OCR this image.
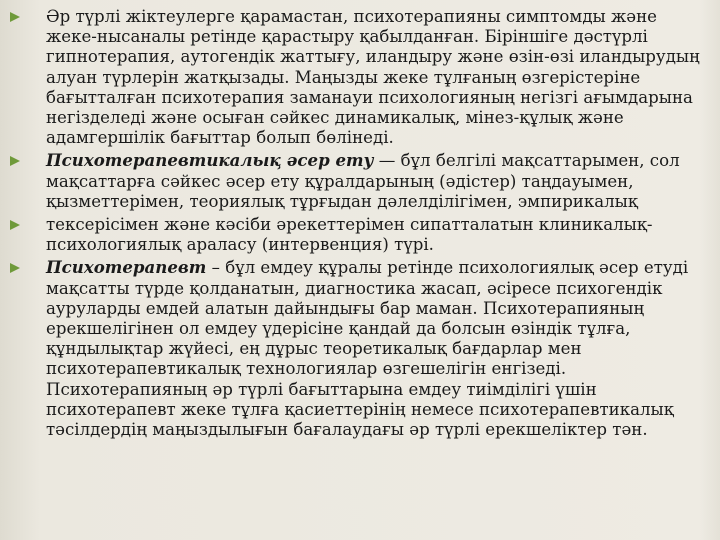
Әр түрлі жіктеулерге қарамастан, психотерапияны симптомды және жеке-нысаналы ретінде қарастыру қабылданған. Біріншіге дәстүрлі гипнотерапия, аутогендік жаттығу, иландыру және өзін-өзі иландырудың алуан түрлерін жатқызады. Маңызды жеке тұлғаның өзгерістеріне бағытталған психотерапия заманауи психологияның негізгі ағымдарына негізделеді және осыған сәйкес динамикалық, мінез-құлық және адамгершілік бағыттар болып бөлінеді.
Психотерапевтикалық әсер ету — бұл белгілі мақсаттарымен, сол мақсаттарға сәйкес әсер ету құралдарының (әдістер) таңдауымен, қызметтерімен, теориялық тұрғыдан дәлелділігімен, эмпирикалық
тексерісімен және кәсіби әрекеттерімен сипатталатын клиникалық-психологиялық араласу (интервенция) түрі.
Психотерапевт – бұл емдеу құралы ретінде психологиялық әсер етуді мақсатты түрде қолданатын, диагностика жасап, әсіресе психогендік ауруларды емдей алатын дайындығы бар маман. Психотерапияның ерекшелігінен ол емдеу үдерісіне қандай да болсын өзіндік тұлға, құндылықтар жүйесі, ең дұрыс теоретикалық бағдарлар мен психотерапевтикалық технологиялар өзгешелігін енгізеді. Психотерапияның әр түрлі бағыттарына емдеу тиімділігі үшін психотерапевт жеке тұлға қасиеттерінің немесе психотерапевтикалық тәсілдердің маңыздылығын бағалаудағы әр түрлі ерекшеліктер тән.
